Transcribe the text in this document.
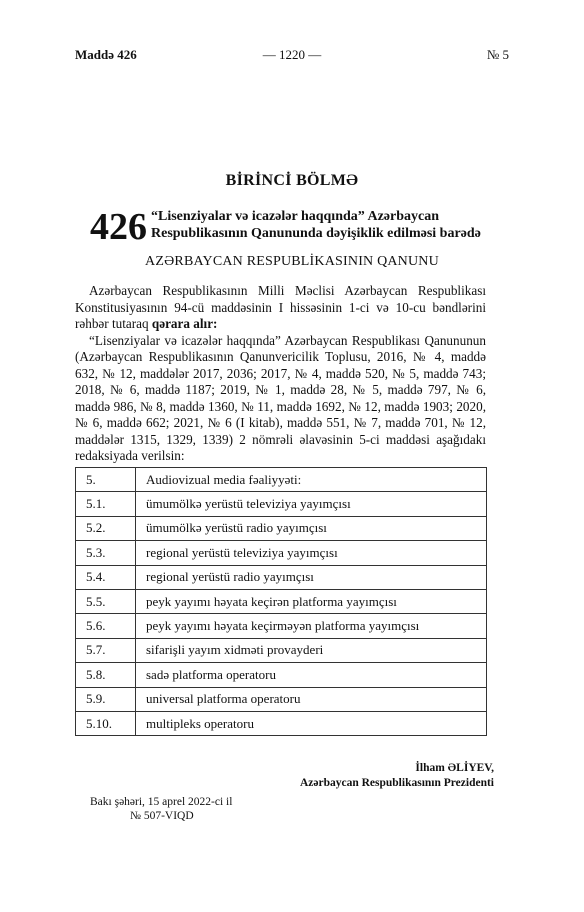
Maddə 426	— 1220 —	№ 5
BİRİNCİ BÖLMƏ
426 “Lisenziyalar və icazələr haqqında” Azərbaycan Respublikasının Qanununda dəyişiklik edilməsi barədə
AZƏRBAYCAN RESPUBLİKASININ QANUNU

Azərbaycan Respublikasının Milli Məclisi Azərbaycan Respublikası Konstitusiyasının 94-cü maddəsinin I hissəsinin 1-ci və 10-cu bəndlərini rəhbər tutaraq qərara alır:

“Lisenziyalar və icazələr haqqında” Azərbaycan Respublikası Qanununun (Azərbaycan Respublikasının Qanunvericilik Toplusu, 2016, № 4, maddə 632, № 12, maddələr 2017, 2036; 2017, № 4, maddə 520, № 5, maddə 743; 2018, № 6, maddə 1187; 2019, № 1, maddə 28, № 5, maddə 797, № 6, maddə 986, № 8, maddə 1360, № 11, maddə 1692, № 12, maddə 1903; 2020, № 6, maddə 662; 2021, № 6 (I kitab), maddə 551, № 7, maddə 701, № 12, maddələr 1315, 1329, 1339) 2 nömrəli əlavəsinin 5-ci maddəsi aşağıdakı redaksiyada verilsin:

5.	Audiovizual media fəaliyyəti:
5.1.	ümumölkə yerüstü televiziya yayımçısı
5.2.	ümumölkə yerüstü radio yayımçısı
5.3.	regional yerüstü televiziya yayımçısı
5.4.	regional yerüstü radio yayımçısı
5.5.	peyk yayımı həyata keçirən platforma yayımçısı
5.6.	peyk yayımı həyata keçirməyən platforma yayımçısı
5.7.	sifarişli yayım xidməti provayderi
5.8.	sadə platforma operatoru
5.9.	universal platforma operatoru
5.10.	multipleks operatoru
İlham ƏLİYEV,
Azərbaycan Respublikasının Prezidenti
Bakı şəhəri, 15 aprel 2022-ci il
№ 507-VIQD
